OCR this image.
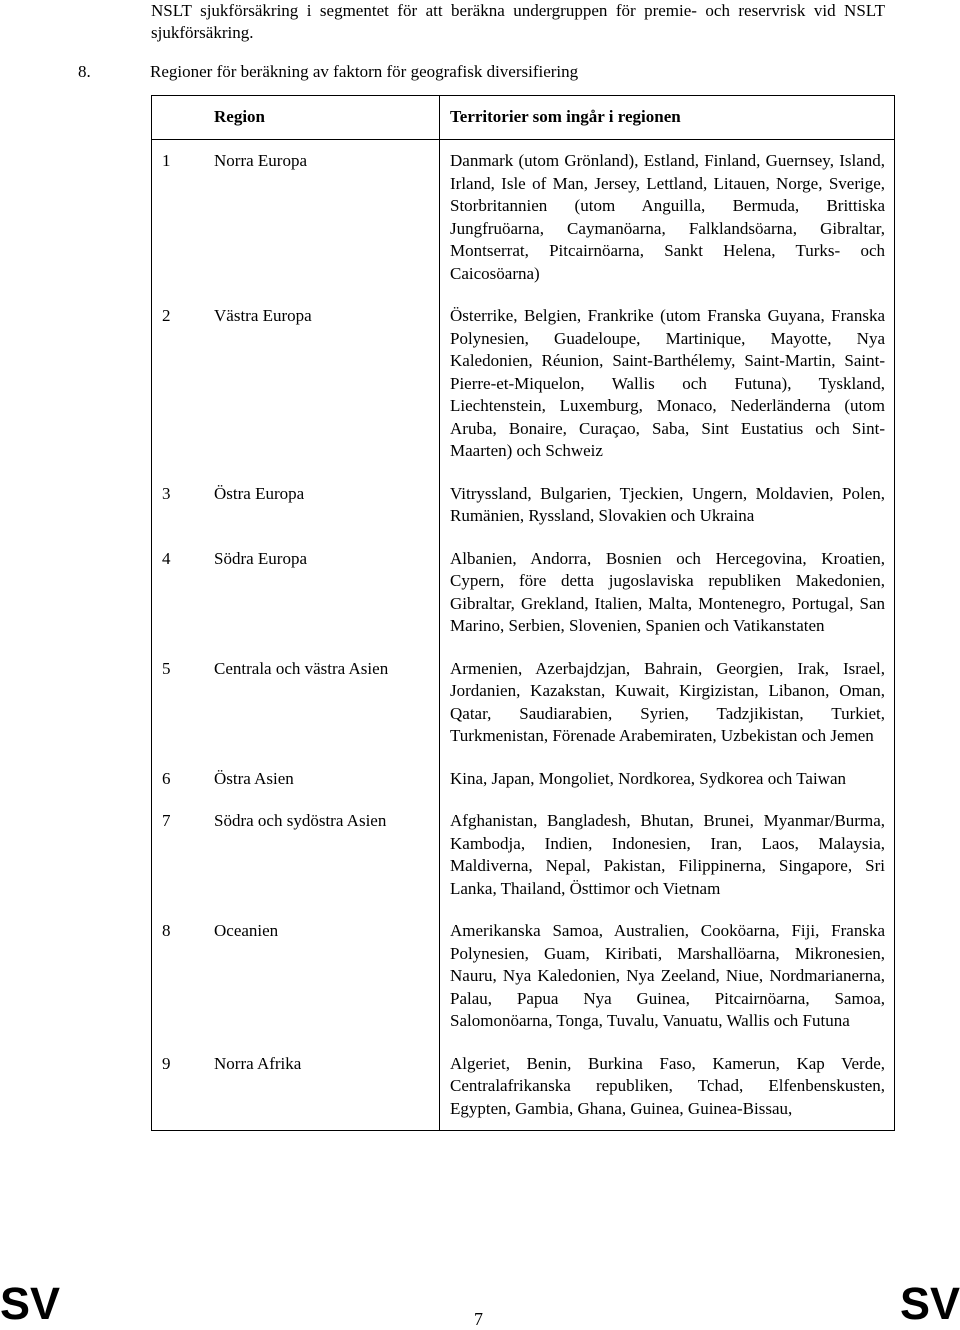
NSLT sjukförsäkring i segmentet för att beräkna undergruppen för premie- och reservrisk vid NSLT sjukförsäkring.
8.	Regioner för beräkning av faktorn för geografisk diversifiering
Region	Territorier som ingår i regionen
1 Norra Europa	Danmark (utom Grönland), Estland, Finland, Guernsey, Island, Irland, Isle of Man, Jersey, Lettland, Litauen, Norge, Sverige, Storbritannien (utom Anguilla, Bermuda, Brittiska Jungfruöarna, Caymanöarna, Falklandsöarna, Gibraltar, Montserrat, Pitcairnöarna, Sankt Helena, Turks- och Caicosöarna)
2 Västra Europa	Österrike, Belgien, Frankrike (utom Franska Guyana, Franska Polynesien, Guadeloupe, Martinique, Mayotte, Nya Kaledonien, Réunion, Saint-Barthélemy, Saint-Martin, Saint-Pierre-et-Miquelon, Wallis och Futuna), Tyskland, Liechtenstein, Luxemburg, Monaco, Nederländerna (utom Aruba, Bonaire, Curaçao, Saba, Sint Eustatius och Sint-Maarten) och Schweiz
3 Östra Europa	Vitryssland, Bulgarien, Tjeckien, Ungern, Moldavien, Polen, Rumänien, Ryssland, Slovakien och Ukraina
4 Södra Europa	Albanien, Andorra, Bosnien och Hercegovina, Kroatien, Cypern, före detta jugoslaviska republiken Makedonien, Gibraltar, Grekland, Italien, Malta, Montenegro, Portugal, San Marino, Serbien, Slovenien, Spanien och Vatikanstaten
5 Centrala och västra Asien	Armenien, Azerbajdzjan, Bahrain, Georgien, Irak, Israel, Jordanien, Kazakstan, Kuwait, Kirgizistan, Libanon, Oman, Qatar, Saudiarabien, Syrien, Tadzjikistan, Turkiet, Turkmenistan, Förenade Arabemiraten, Uzbekistan och Jemen
6 Östra Asien	Kina, Japan, Mongoliet, Nordkorea, Sydkorea och Taiwan
7 Södra och sydöstra Asien	Afghanistan, Bangladesh, Bhutan, Brunei, Myanmar/Burma, Kambodja, Indien, Indonesien, Iran, Laos, Malaysia, Maldiverna, Nepal, Pakistan, Filippinerna, Singapore, Sri Lanka, Thailand, Östtimor och Vietnam
8 Oceanien	Amerikanska Samoa, Australien, Cooköarna, Fiji, Franska Polynesien, Guam, Kiribati, Marshallöarna, Mikronesien, Nauru, Nya Kaledonien, Nya Zeeland, Niue, Nordmarianerna, Palau, Papua Nya Guinea, Pitcairnöarna, Samoa, Salomonöarna, Tonga, Tuvalu, Vanuatu, Wallis och Futuna
9 Norra Afrika	Algeriet, Benin, Burkina Faso, Kamerun, Kap Verde, Centralafrikanska republiken, Tchad, Elfenbenskusten, Egypten, Gambia, Ghana, Guinea, Guinea-Bissau,
SV	7	SV
